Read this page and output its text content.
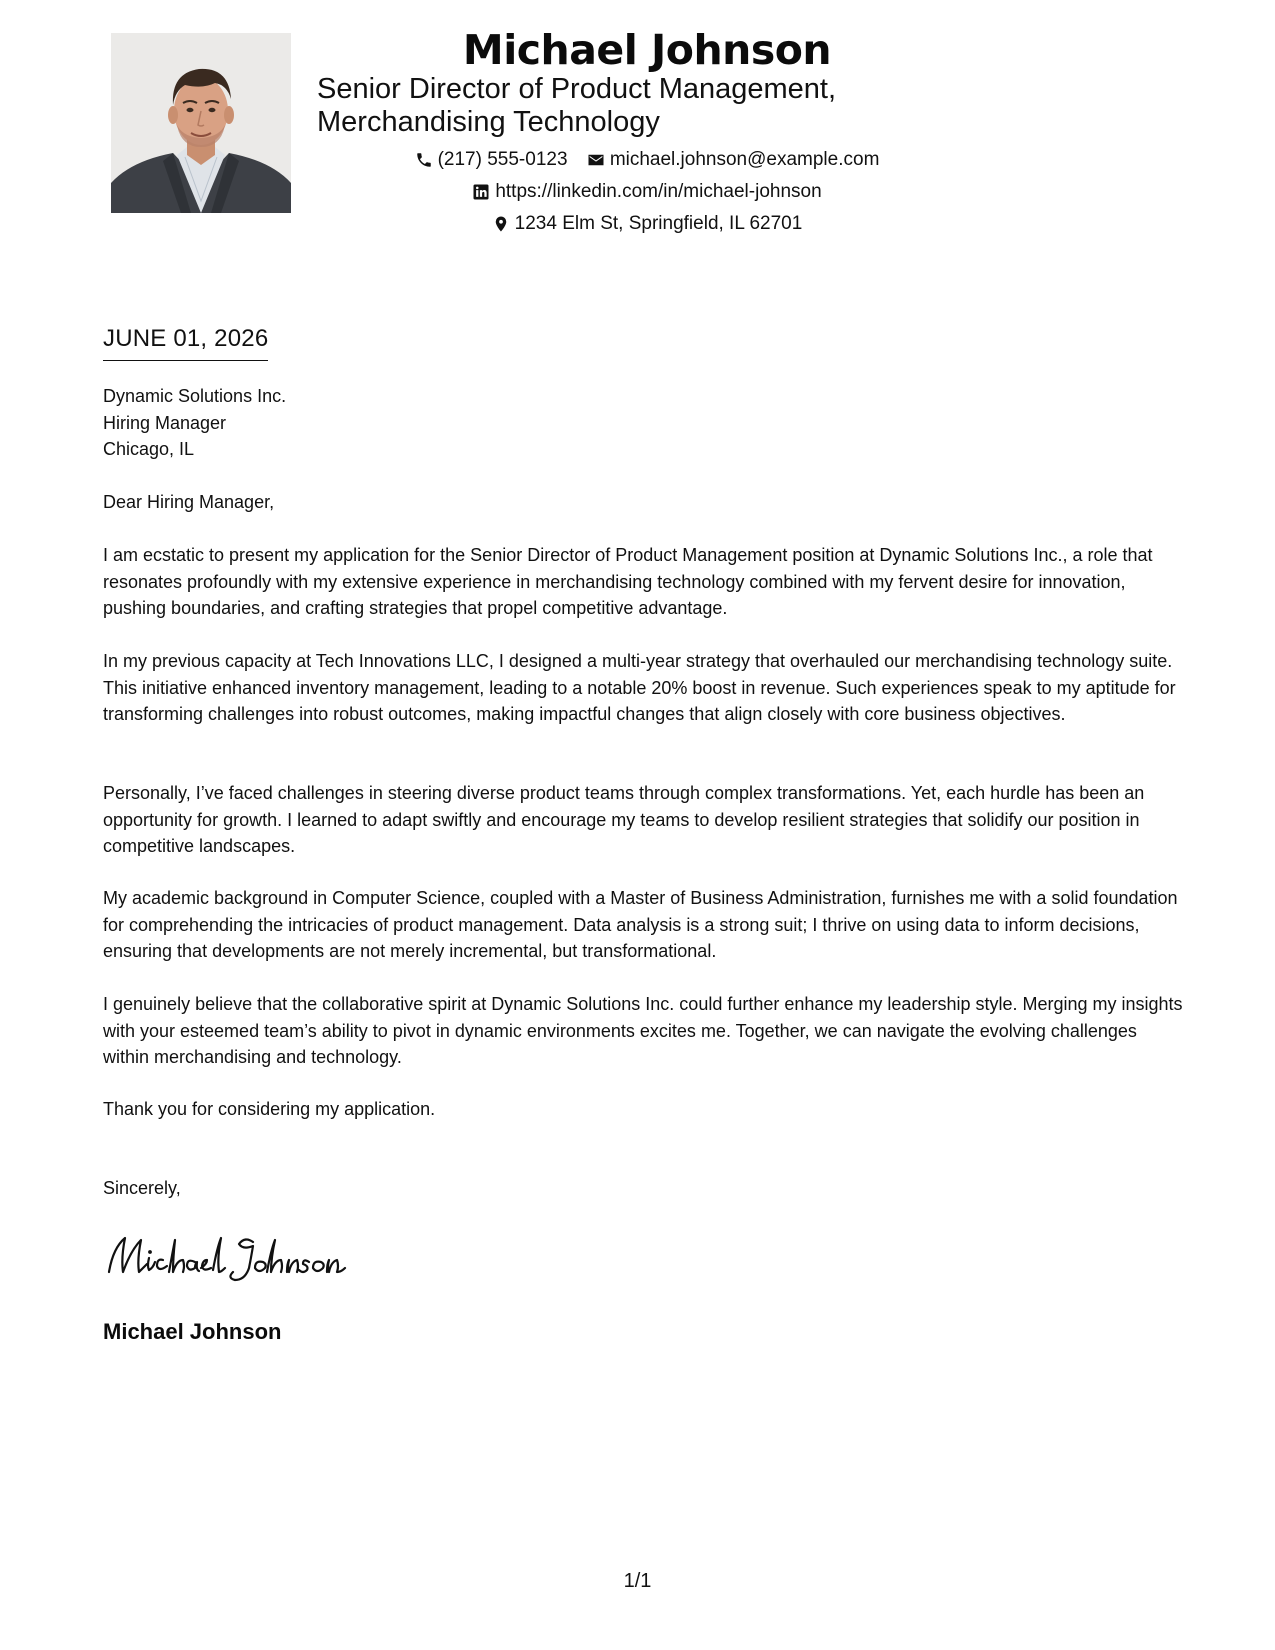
Michael Johnson
Senior Director of Product Management, Merchandising Technology
(217) 555-0123
michael.johnson@example.com
https://linkedin.com/in/michael-johnson
1234 Elm St, Springfield, IL 62701
JUNE 01, 2026
Dynamic Solutions Inc.
Hiring Manager
Chicago, IL
Dear Hiring Manager,
I am ecstatic to present my application for the Senior Director of Product Management position at Dynamic Solutions Inc., a role that resonates profoundly with my extensive experience in merchandising technology combined with my fervent desire for innovation, pushing boundaries, and crafting strategies that propel competitive advantage.
In my previous capacity at Tech Innovations LLC, I designed a multi-year strategy that overhauled our merchandising technology suite. This initiative enhanced inventory management, leading to a notable 20% boost in revenue. Such experiences speak to my aptitude for transforming challenges into robust outcomes, making impactful changes that align closely with core business objectives.
Personally, I’ve faced challenges in steering diverse product teams through complex transformations. Yet, each hurdle has been an opportunity for growth. I learned to adapt swiftly and encourage my teams to develop resilient strategies that solidify our position in competitive landscapes.
My academic background in Computer Science, coupled with a Master of Business Administration, furnishes me with a solid foundation for comprehending the intricacies of product management. Data analysis is a strong suit; I thrive on using data to inform decisions, ensuring that developments are not merely incremental, but transformational.
I genuinely believe that the collaborative spirit at Dynamic Solutions Inc. could further enhance my leadership style. Merging my insights with your esteemed team’s ability to pivot in dynamic environments excites me. Together, we can navigate the evolving challenges within merchandising and technology.
Thank you for considering my application.
Sincerely,
Michael Johnson
1/1
